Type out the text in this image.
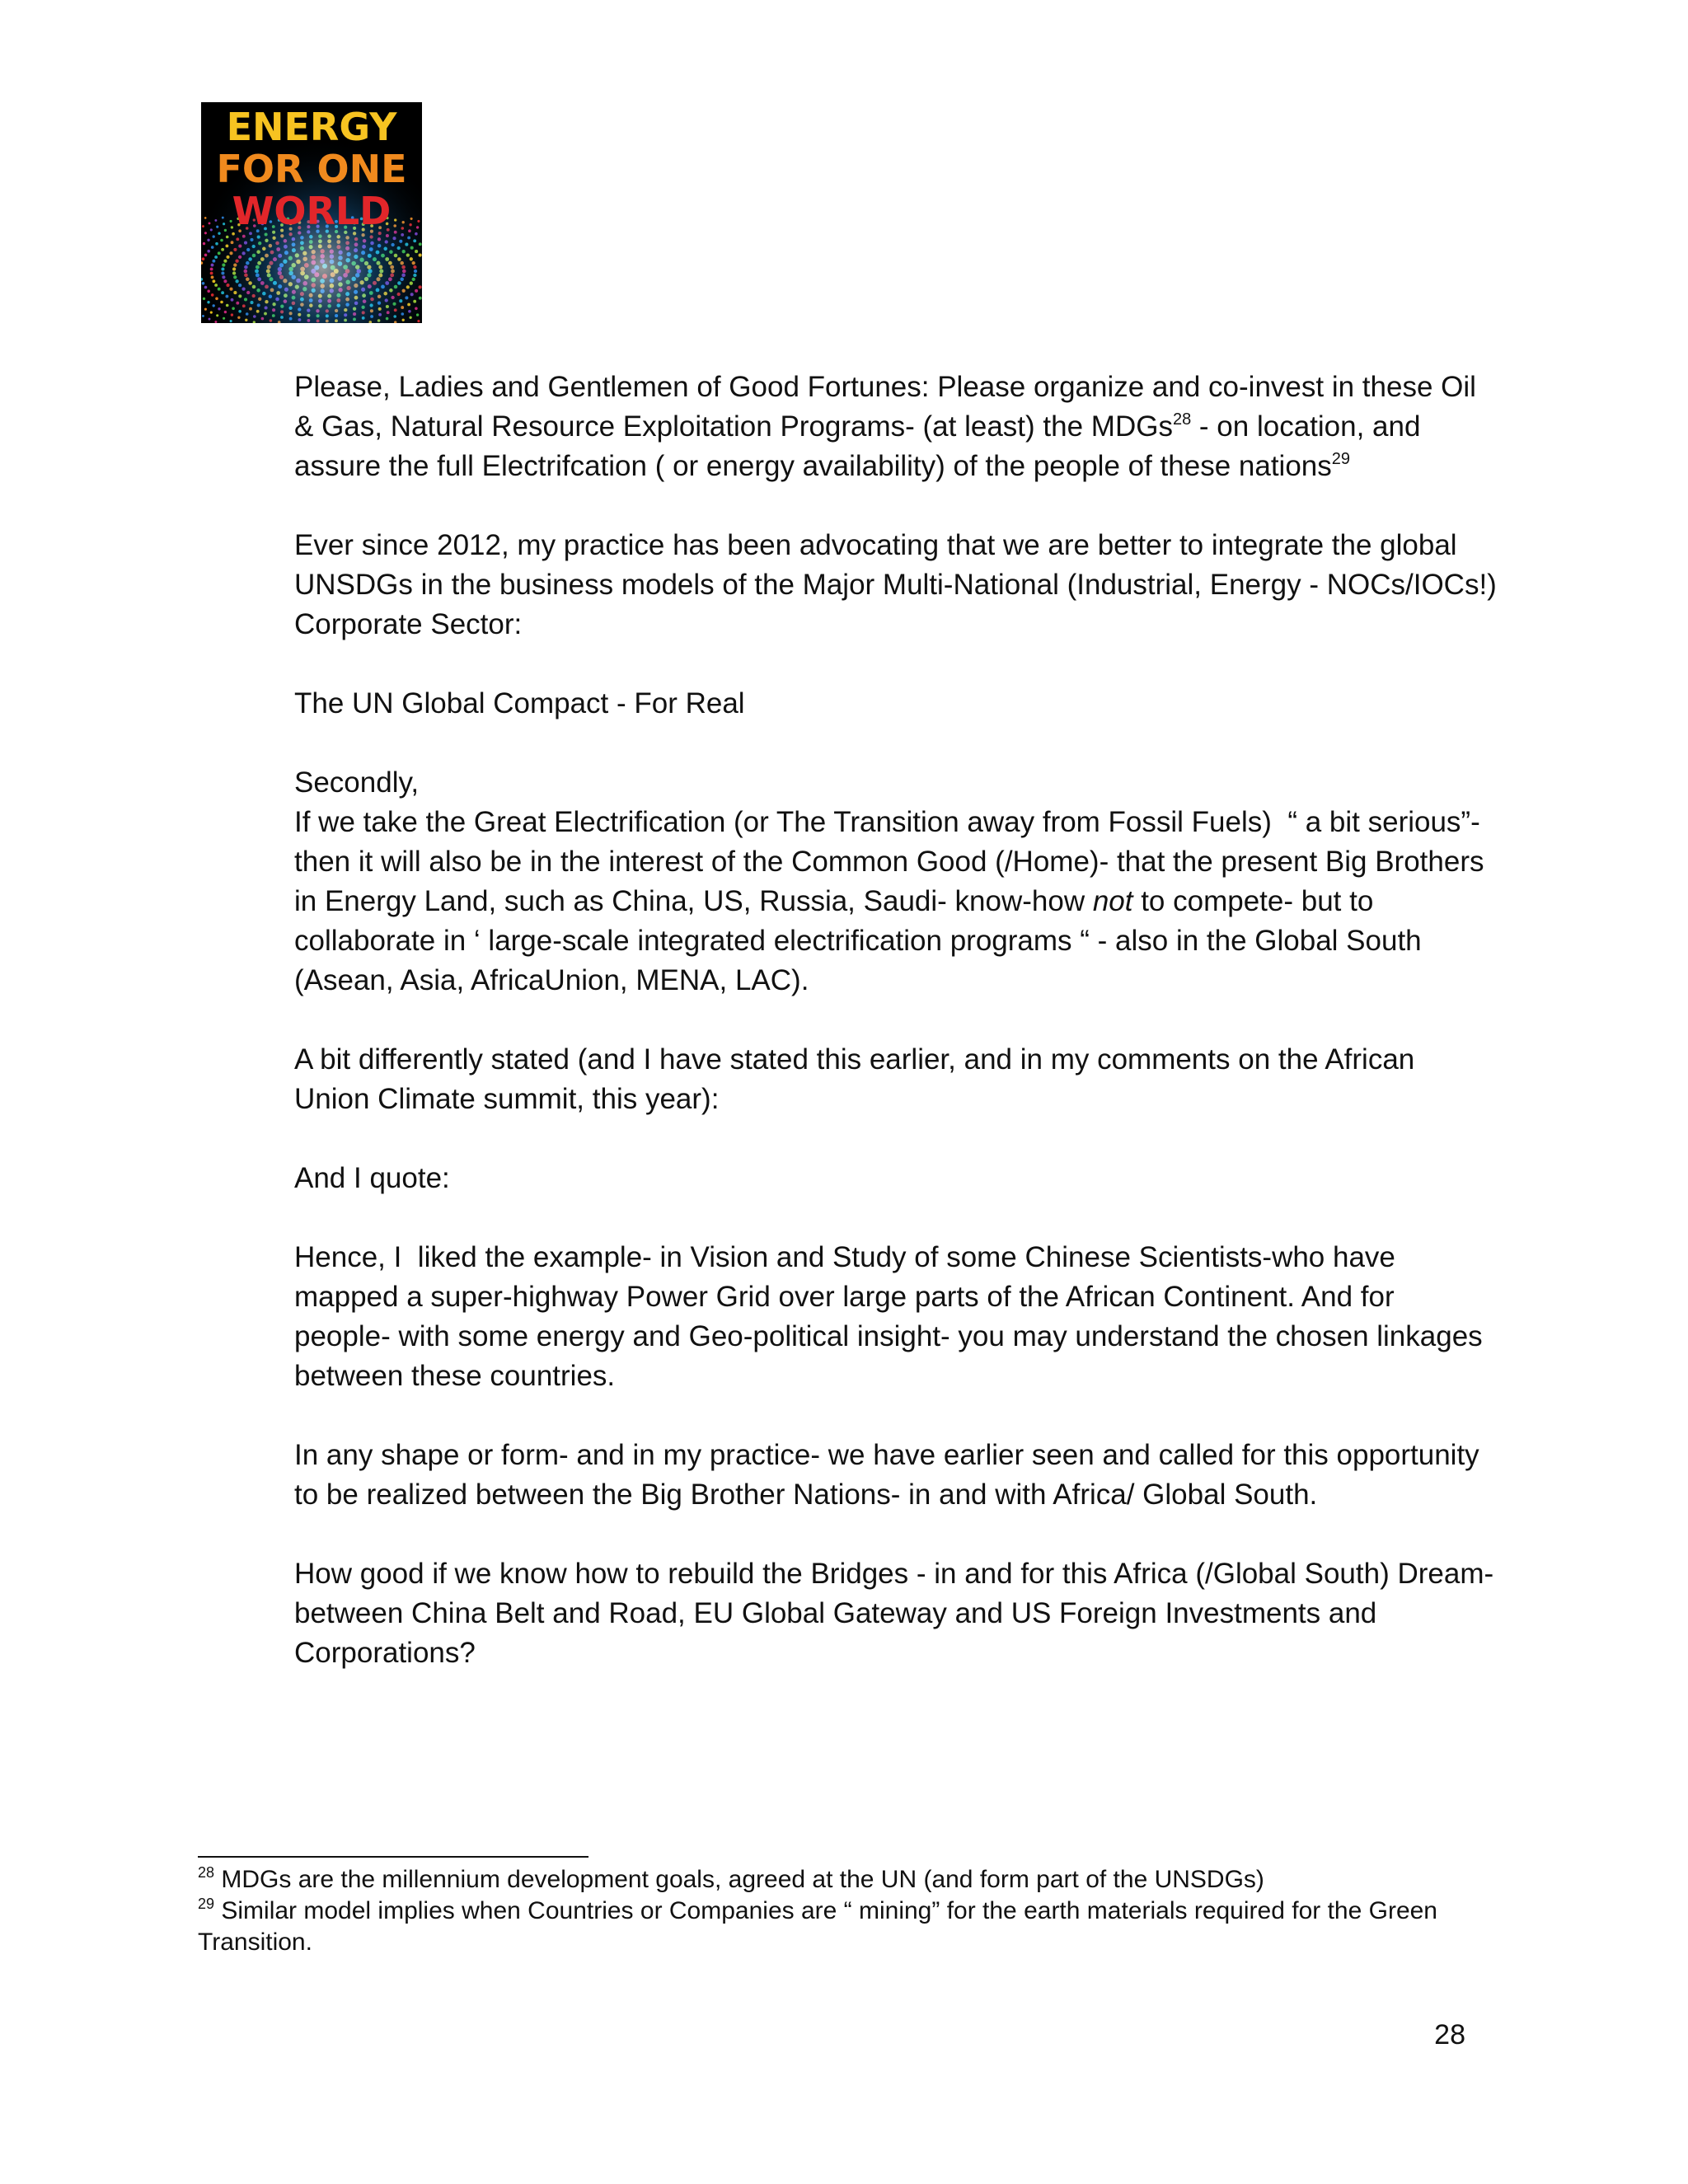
ENERGY
FOR ONE
WORLD

Please, Ladies and Gentlemen of Good Fortunes: Please organize and co-invest in these Oil & Gas, Natural Resource Exploitation Programs- (at least) the MDGs$^{28}$ - on location, and assure the full Electrifcation ( or energy availability) of the people of these nations$^{29}$

Ever since 2012, my practice has been advocating that we are better to integrate the global UNSDGs in the business models of the Major Multi-National (Industrial, Energy - NOCs/IOCs!) Corporate Sector:

The UN Global Compact - For Real

Secondly,

If we take the Great Electrification (or The Transition away from Fossil Fuels)  “ a bit serious”- then it will also be in the interest of the Common Good (/Home)- that the present Big Brothers in Energy Land, such as China, US, Russia, Saudi- know-how not to compete- but to collaborate in ‘ large-scale integrated electrification programs “ - also in the Global South (Asean, Asia, AfricaUnion, MENA, LAC).

A bit differently stated (and I have stated this earlier, and in my comments on the African Union Climate summit, this year):

And I quote:

Hence, I  liked the example- in Vision and Study of some Chinese Scientists-who have mapped a super-highway Power Grid over large parts of the African Continent. And for people- with some energy and Geo-political insight- you may understand the chosen linkages between these countries.

In any shape or form- and in my practice- we have earlier seen and called for this opportunity to be realized between the Big Brother Nations- in and with Africa/ Global South.

How good if we know how to rebuild the Bridges - in and for this Africa (/Global South) Dream- between China Belt and Road, EU Global Gateway and US Foreign Investments and Corporations?

$^{28}$ MDGs are the millennium development goals, agreed at the UN (and form part of the UNSDGs)

$^{29}$ Similar model implies when Countries or Companies are “ mining” for the earth materials required for the Green Transition.

28
